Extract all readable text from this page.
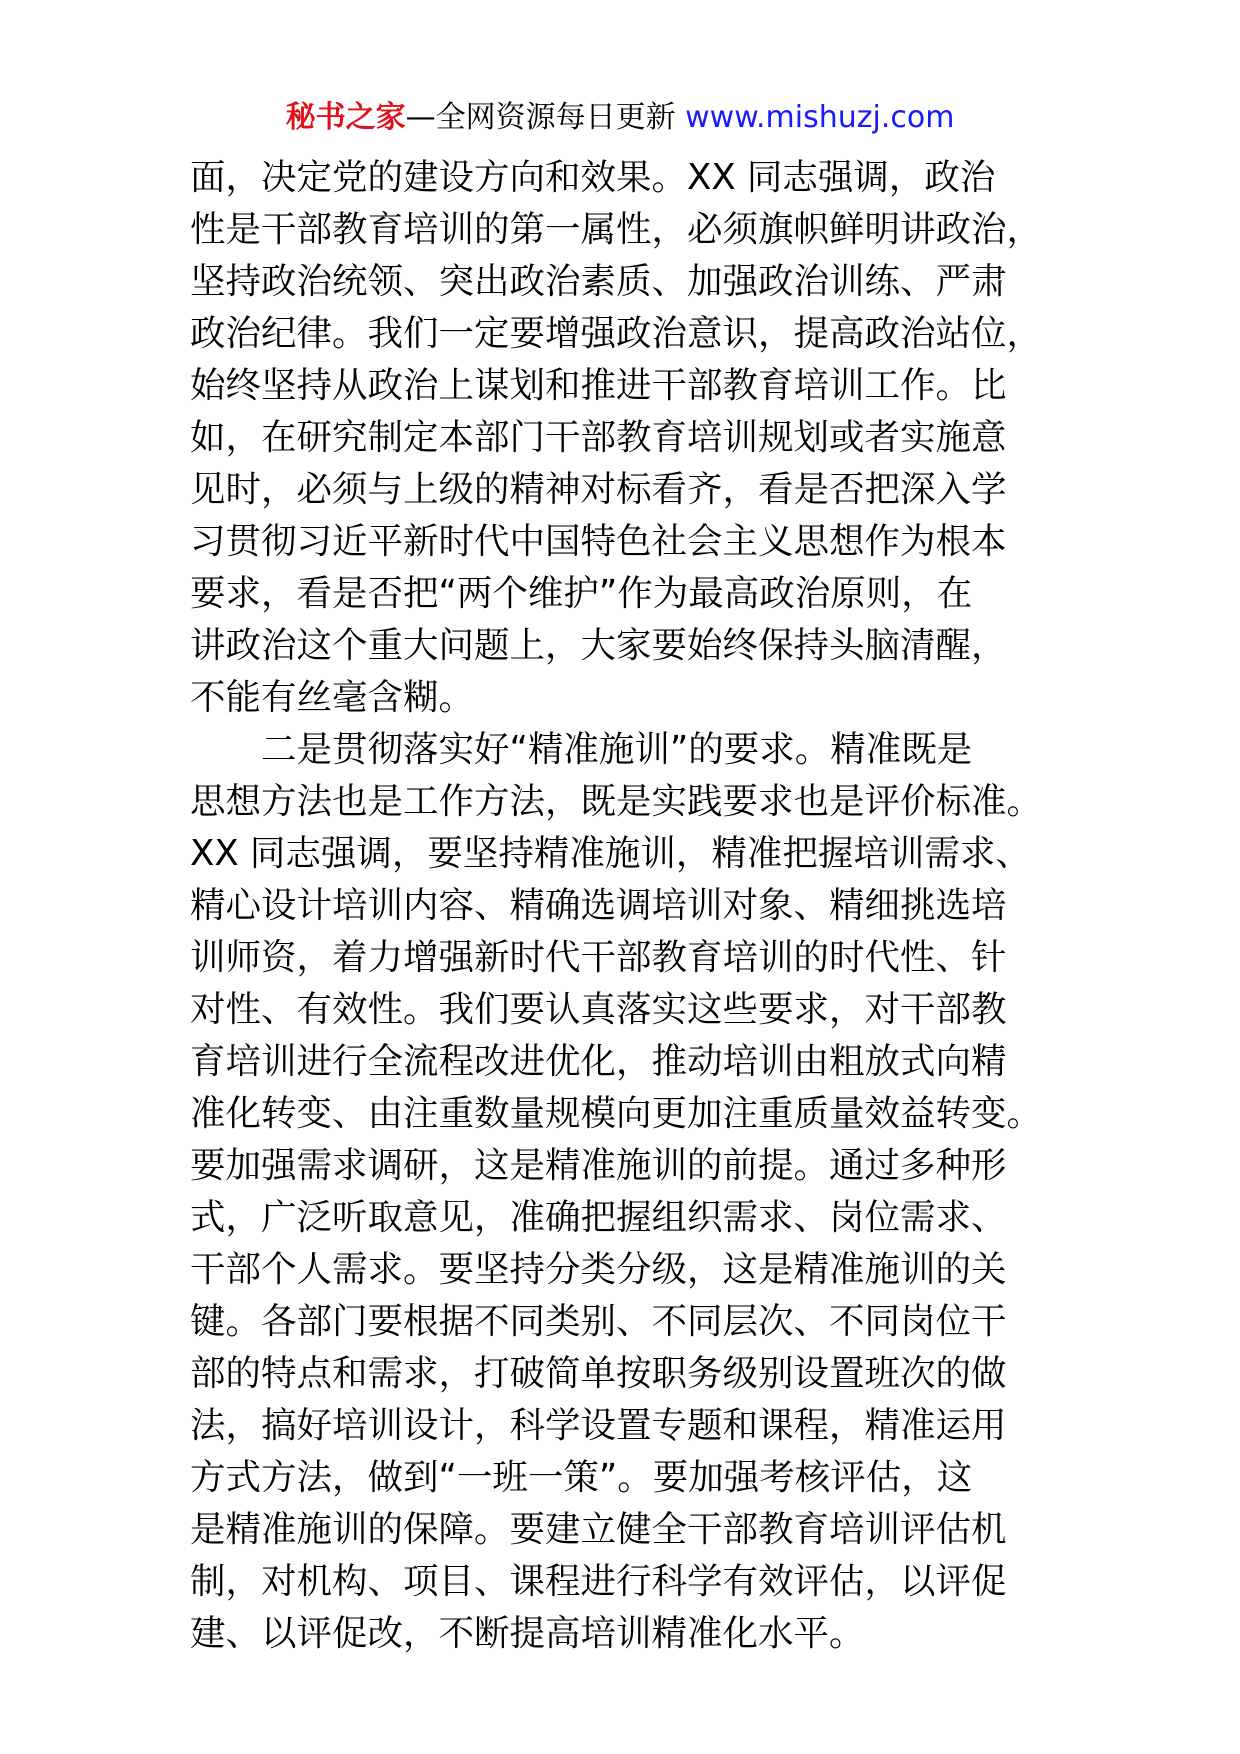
秘书之家—全网资源每日更新 www.mishuzj.com
面，决定党的建设方向和效果。XX 同志强调，政治
性是干部教育培训的第一属性，必须旗帜鲜明讲政治，
坚持政治统领、突出政治素质、加强政治训练、严肃
政治纪律。我们一定要增强政治意识，提高政治站位，
始终坚持从政治上谋划和推进干部教育培训工作。比
如，在研究制定本部门干部教育培训规划或者实施意
见时，必须与上级的精神对标看齐，看是否把深入学
习贯彻习近平新时代中国特色社会主义思想作为根本
要求，看是否把“两个维护”作为最高政治原则，在
讲政治这个重大问题上，大家要始终保持头脑清醒，
不能有丝毫含糊。
二是贯彻落实好“精准施训”的要求。精准既是
思想方法也是工作方法，既是实践要求也是评价标准。
XX 同志强调，要坚持精准施训，精准把握培训需求、
精心设计培训内容、精确选调培训对象、精细挑选培
训师资，着力增强新时代干部教育培训的时代性、针
对性、有效性。我们要认真落实这些要求，对干部教
育培训进行全流程改进优化，推动培训由粗放式向精
准化转变、由注重数量规模向更加注重质量效益转变。
要加强需求调研，这是精准施训的前提。通过多种形
式，广泛听取意见，准确把握组织需求、岗位需求、
干部个人需求。要坚持分类分级，这是精准施训的关
键。各部门要根据不同类别、不同层次、不同岗位干
部的特点和需求，打破简单按职务级别设置班次的做
法，搞好培训设计，科学设置专题和课程，精准运用
方式方法，做到“一班一策”。要加强考核评估，这
是精准施训的保障。要建立健全干部教育培训评估机
制，对机构、项目、课程进行科学有效评估，以评促
建、以评促改，不断提高培训精准化水平。
